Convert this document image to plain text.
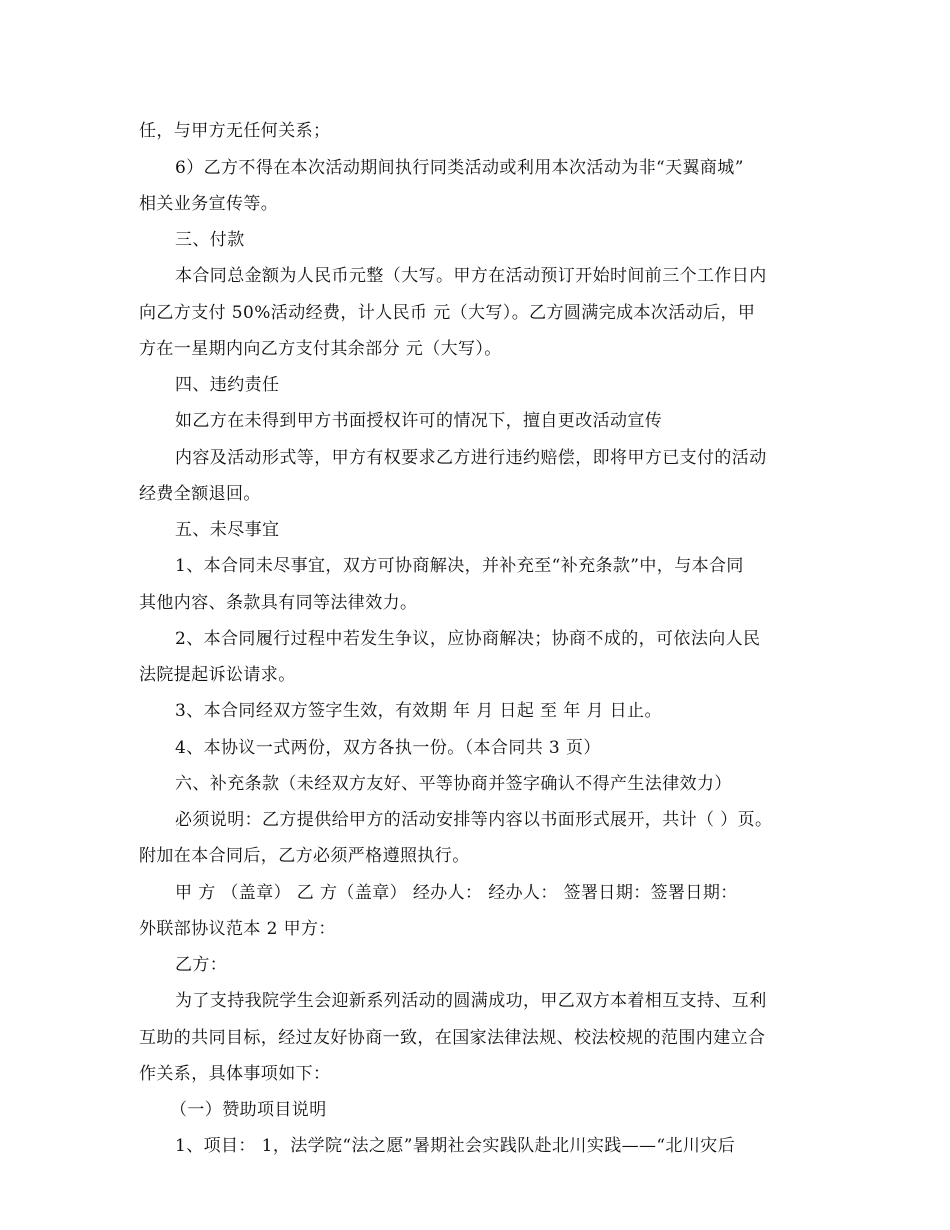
任，与甲方无任何关系；
6）乙方不得在本次活动期间执行同类活动或利用本次活动为非“天翼商城”
相关业务宣传等。
三、付款
本合同总金额为人民币元整（大写。甲方在活动预订开始时间前三个工作日内
向乙方支付 50%活动经费，计人民币 元（大写）。乙方圆满完成本次活动后，甲
方在一星期内向乙方支付其余部分 元（大写）。
四、违约责任
如乙方在未得到甲方书面授权许可的情况下，擅自更改活动宣传
内容及活动形式等，甲方有权要求乙方进行违约赔偿，即将甲方已支付的活动
经费全额退回。
五、未尽事宜
1、本合同未尽事宜，双方可协商解决，并补充至“补充条款”中，与本合同
其他内容、条款具有同等法律效力。
2、本合同履行过程中若发生争议，应协商解决；协商不成的，可依法向人民
法院提起诉讼请求。
3、本合同经双方签字生效，有效期 年 月 日起 至 年 月 日止。
4、本协议一式两份，双方各执一份。（本合同共 3 页）
六、补充条款（未经双方友好、平等协商并签字确认不得产生法律效力）
必须说明：乙方提供给甲方的活动安排等内容以书面形式展开，共计（ ）页。
附加在本合同后，乙方必须严格遵照执行。
甲 方 （盖章） 乙 方（盖章） 经办人： 经办人： 签署日期：签署日期：
外联部协议范本 2 甲方：
乙方：
为了支持我院学生会迎新系列活动的圆满成功，甲乙双方本着相互支持、互利
互助的共同目标，经过友好协商一致，在国家法律法规、校法校规的范围内建立合
作关系，具体事项如下：
（一）赞助项目说明
1、项目： 1，法学院“法之愿”暑期社会实践队赴北川实践——“北川灾后
